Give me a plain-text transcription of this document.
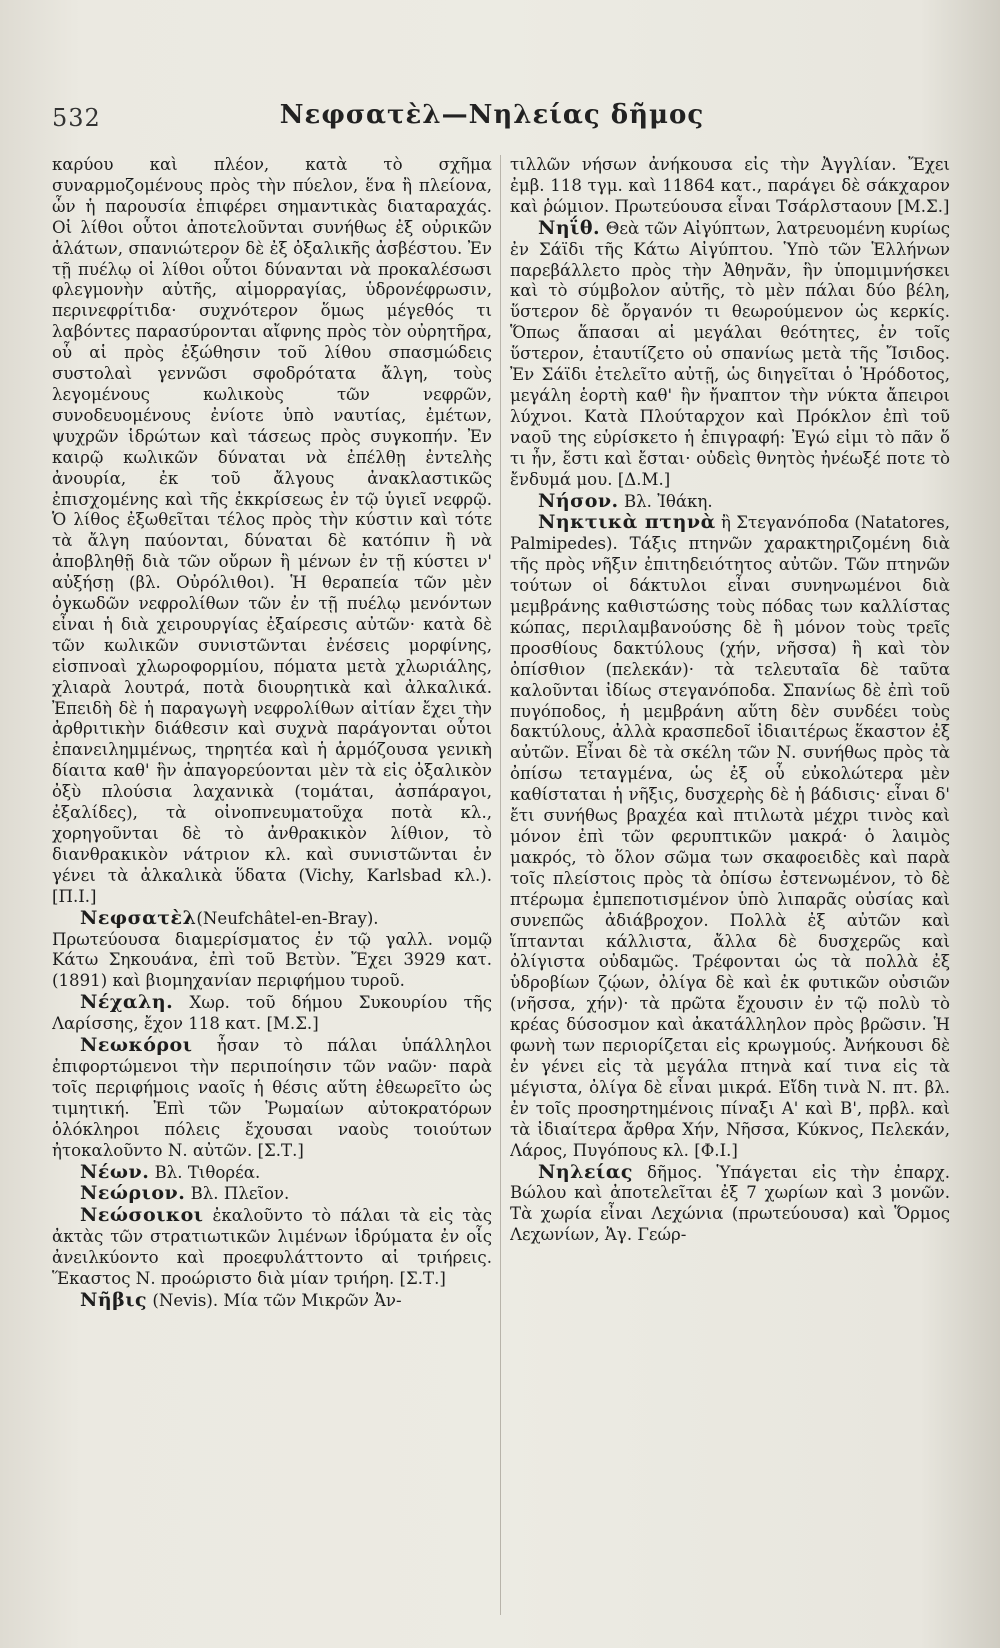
532	Νεφσατὲλ—Νηλείας δῆμος

καρύου καὶ πλέον, κατὰ τὸ σχῆμα συναρμοζομένους πρὸς τὴν πύελον, ἕνα ἢ πλείονα, ὧν ἡ παρουσία ἐπιφέρει σημαντικὰς διαταραχάς. Οἱ λίθοι οὗτοι ἀποτελοῦνται συνήθως ἐξ οὐρικῶν ἁλάτων, σπανιώτερον δὲ ἐξ ὀξαλικῆς ἀσβέστου. Ἐν τῇ πυέλῳ οἱ λίθοι οὗτοι δύνανται νὰ προκαλέσωσι φλεγμονὴν αὐτῆς, αἱμορραγίας, ὑδρονέφρωσιν, περινεφρίτιδα· συχνότερον ὅμως μέγεθός τι λαβόντες παρασύρονται αἴφνης πρὸς τὸν οὐρητῆρα, οὗ αἱ πρὸς ἐξώθησιν τοῦ λίθου σπασμώδεις συστολαὶ γεννῶσι σφοδρότατα ἄλγη, τοὺς λεγομένους κωλικοὺς τῶν νεφρῶν, συνοδευομένους ἐνίοτε ὑπὸ ναυτίας, ἐμέτων, ψυχρῶν ἱδρώτων καὶ τάσεως πρὸς συγκοπήν. Ἐν καιρῷ κωλικῶν δύναται νὰ ἐπέλθῃ ἐντελὴς ἀνουρία, ἐκ τοῦ ἄλγους ἀνακλαστικῶς ἐπισχομένης καὶ τῆς ἐκκρίσεως ἐν τῷ ὑγιεῖ νεφρῷ. Ὁ λίθος ἐξωθεῖται τέλος πρὸς τὴν κύστιν καὶ τότε τὰ ἄλγη παύονται, δύναται δὲ κατόπιν ἢ νὰ ἀποβληθῇ διὰ τῶν οὔρων ἢ μένων ἐν τῇ κύστει ν' αὐξήσῃ (βλ. Οὐρόλιθοι). Ἡ θεραπεία τῶν μὲν ὀγκωδῶν νεφρολίθων τῶν ἐν τῇ πυέλῳ μενόντων εἶναι ἡ διὰ χειρουργίας ἐξαίρεσις αὐτῶν· κατὰ δὲ τῶν κωλικῶν συνιστῶνται ἐνέσεις μορφίνης, εἰσπνοαὶ χλωροφορμίου, πόματα μετὰ χλωριάλης, χλιαρὰ λουτρά, ποτὰ διουρητικὰ καὶ ἀλκαλικά. Ἐπειδὴ δὲ ἡ παραγωγὴ νεφρολίθων αἰτίαν ἔχει τὴν ἀρθριτικὴν διάθεσιν καὶ συχνὰ παράγονται οὗτοι ἐπανειλημμένως, τηρητέα καὶ ἡ ἁρμόζουσα γενικὴ δίαιτα καθ' ἣν ἀπαγορεύονται μὲν τὰ εἰς ὀξαλικὸν ὀξὺ πλούσια λαχανικὰ (τομάται, ἀσπάραγοι, ἐξαλίδες), τὰ οἰνοπνευματοῦχα ποτὰ κλ., χορηγοῦνται δὲ τὸ ἀνθρακικὸν λίθιον, τὸ διανθρακικὸν νάτριον κλ. καὶ συνιστῶνται ἐν γένει τὰ ἀλκαλικὰ ὕδατα (Vichy, Karlsbad κλ.). [Π.Ι.]

Νεφσατὲλ(Neufchâtel-en-Bray). Πρωτεύουσα διαμερίσματος ἐν τῷ γαλλ. νομῷ Κάτω Σηκουάνα, ἐπὶ τοῦ Βετὺν. Ἔχει 3929 κατ. (1891) καὶ βιομηχανίαν περιφήμου τυροῦ.

Νέχαλη. Χωρ. τοῦ δήμου Συκουρίου τῆς Λαρίσσης, ἔχον 118 κατ. [Μ.Σ.]

Νεωκόροι ἦσαν τὸ πάλαι ὑπάλληλοι ἐπιφορτώμενοι τὴν περιποίησιν τῶν ναῶν· παρὰ τοῖς περιφήμοις ναοῖς ἡ θέσις αὕτη ἐθεωρεῖτο ὡς τιμητική. Ἐπὶ τῶν Ῥωμαίων αὐτοκρατόρων ὁλόκληροι πόλεις ἔχουσαι ναοὺς τοιούτων ἠτοκαλοῦντο Ν. αὐτῶν. [Σ.Τ.]

Νέων. Βλ. Τιθορέα.

Νεώριον. Βλ. Πλεῖον.

Νεώσοικοι ἐκαλοῦντο τὸ πάλαι τὰ εἰς τὰς ἀκτὰς τῶν στρατιωτικῶν λιμένων ἱδρύματα ἐν οἷς ἀνειλκύοντο καὶ προεφυλάττοντο αἱ τριήρεις. Ἕκαστος Ν. προώριστο διὰ μίαν τριήρη. [Σ.Τ.]

Νῆβις (Nevis). Μία τῶν Μικρῶν Ἀν-

τιλλῶν νήσων ἀνήκουσα εἰς τὴν Ἀγγλίαν. Ἔχει ἐμβ. 118 τγμ. καὶ 11864 κατ., παράγει δὲ σάκχαρον καὶ ῥώμιον. Πρωτεύουσα εἶναι Τσάρλσταουν [Μ.Σ.]

Νηΐθ. Θεὰ τῶν Αἰγύπτων, λατρευομένη κυρίως ἐν Σάϊδι τῆς Κάτω Αἰγύπτου. Ὑπὸ τῶν Ἑλλήνων παρεβάλλετο πρὸς τὴν Ἀθηνᾶν, ἣν ὑπομιμνήσκει καὶ τὸ σύμβολον αὐτῆς, τὸ μὲν πάλαι δύο βέλη, ὕστερον δὲ ὄργανόν τι θεωρούμενον ὡς κερκίς. Ὅπως ἅπασαι αἱ μεγάλαι θεότητες, ἐν τοῖς ὕστερον, ἐταυτίζετο οὐ σπανίως μετὰ τῆς Ἴσιδος. Ἐν Σάϊδι ἐτελεῖτο αὐτῇ, ὡς διηγεῖται ὁ Ἡρόδοτος, μεγάλη ἑορτὴ καθ' ἣν ἤναπτον τὴν νύκτα ἄπειροι λύχνοι. Κατὰ Πλούταρχον καὶ Πρόκλον ἐπὶ τοῦ ναοῦ της εὑρίσκετο ἡ ἐπιγραφή: Ἐγώ εἰμι τὸ πᾶν ὅ τι ἦν, ἔστι καὶ ἔσται· οὐδεὶς θνητὸς ἠνέωξέ ποτε τὸ ἔνδυμά μου. [Δ.Μ.]

Νήσον. Βλ. Ἰθάκη.

Νηκτικὰ πτηνὰ ἢ Στεγανόποδα (Natatores, Palmipedes). Τάξις πτηνῶν χαρακτηριζομένη διὰ τῆς πρὸς νῆξιν ἐπιτηδειότητος αὐτῶν. Τῶν πτηνῶν τούτων οἱ δάκτυλοι εἶναι συνηνωμένοι διὰ μεμβράνης καθιστώσης τοὺς πόδας των καλλίστας κώπας, περιλαμβανούσης δὲ ἢ μόνον τοὺς τρεῖς προσθίους δακτύλους (χήν, νῆσσα) ἢ καὶ τὸν ὀπίσθιον (πελεκάν)· τὰ τελευταῖα δὲ ταῦτα καλοῦνται ἰδίως στεγανόποδα. Σπανίως δὲ ἐπὶ τοῦ πυγόποδος, ἡ μεμβράνη αὕτη δὲν συνδέει τοὺς δακτύλους, ἀλλὰ κρασπεδοῖ ἰδιαιτέρως ἕκαστον ἐξ αὐτῶν. Εἶναι δὲ τὰ σκέλη τῶν Ν. συνήθως πρὸς τὰ ὀπίσω τεταγμένα, ὡς ἐξ οὗ εὐκολώτερα μὲν καθίσταται ἡ νῆξις, δυσχερὴς δὲ ἡ βάδισις· εἶναι δ' ἔτι συνήθως βραχέα καὶ πτιλωτὰ μέχρι τινὸς καὶ μόνον ἐπὶ τῶν φερυπτικῶν μακρά· ὁ λαιμὸς μακρός, τὸ ὅλον σῶμα των σκαφοειδὲς καὶ παρὰ τοῖς πλείστοις πρὸς τὰ ὀπίσω ἐστενωμένον, τὸ δὲ πτέρωμα ἐμπεποτισμένον ὑπὸ λιπαρᾶς οὐσίας καὶ συνεπῶς ἀδιάβροχον. Πολλὰ ἐξ αὐτῶν καὶ ἵπτανται κάλλιστα, ἄλλα δὲ δυσχερῶς καὶ ὀλίγιστα οὐδαμῶς. Τρέφονται ὡς τὰ πολλὰ ἐξ ὑδροβίων ζῴων, ὀλίγα δὲ καὶ ἐκ φυτικῶν οὐσιῶν (νῆσσα, χήν)· τὰ πρῶτα ἔχουσιν ἐν τῷ πολὺ τὸ κρέας δύσοσμον καὶ ἀκατάλληλον πρὸς βρῶσιν. Ἡ φωνὴ των περιορίζεται εἰς κρωγμούς. Ἀνήκουσι δὲ ἐν γένει εἰς τὰ μεγάλα πτηνὰ καί τινα εἰς τὰ μέγιστα, ὀλίγα δὲ εἶναι μικρά. Εἴδη τινὰ Ν. πτ. βλ. ἐν τοῖς προσηρτημένοις πίναξι Α' καὶ Β', πρβλ. καὶ τὰ ἰδιαίτερα ἄρθρα Χήν, Νῆσσα, Κύκνος, Πελεκάν, Λάρος, Πυγόπους κλ. [Φ.Ι.]

Νηλείας δῆμος. Ὑπάγεται εἰς τὴν ἐπαρχ. Βώλου καὶ ἀποτελεῖται ἐξ 7 χωρίων καὶ 3 μονῶν. Τὰ χωρία εἶναι Λεχώνια (πρωτεύουσα) καὶ Ὅρμος Λεχωνίων, Ἁγ. Γεώρ-
